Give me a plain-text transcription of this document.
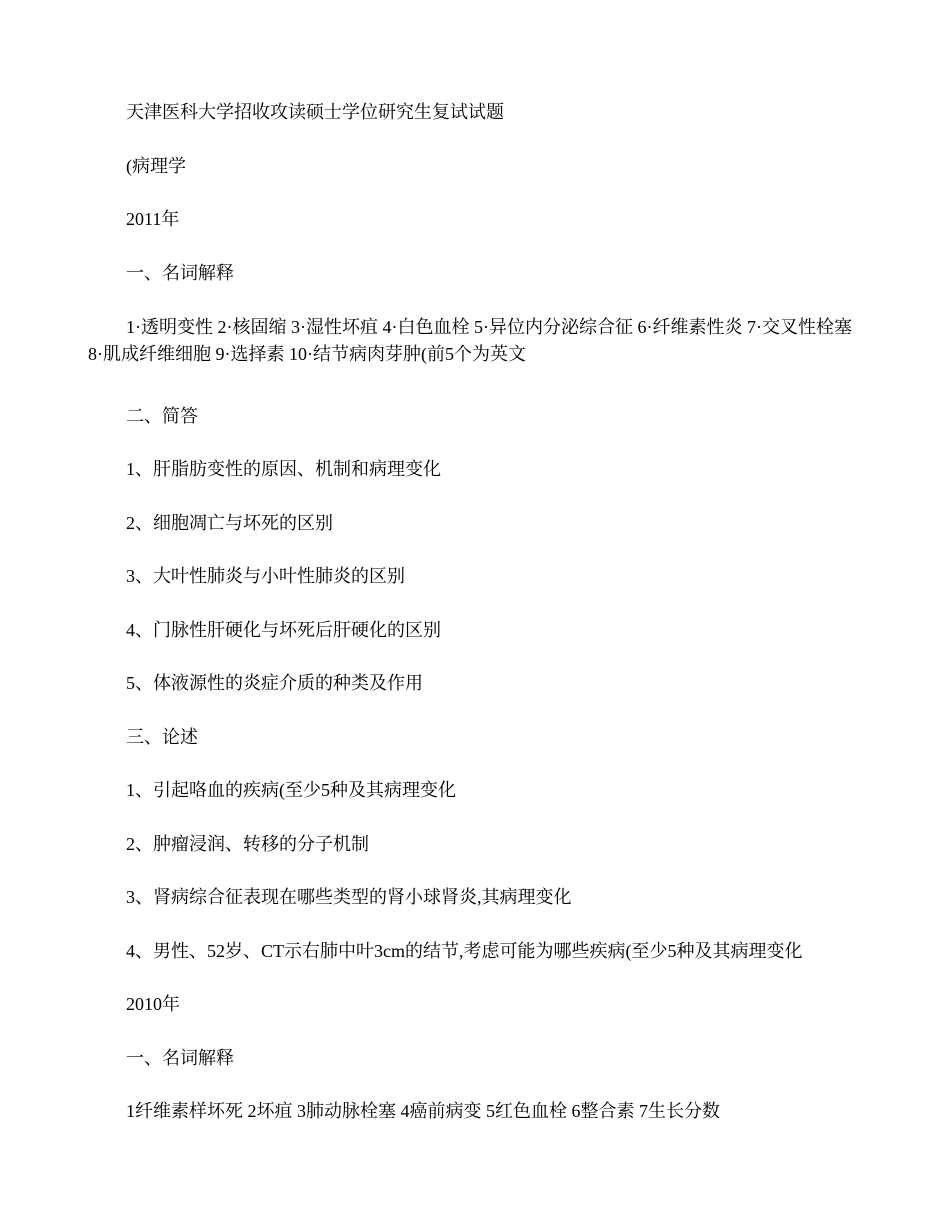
天津医科大学招收攻读硕士学位研究生复试试题
(病理学
2011年
一、名词解释
1·透明变性 2·核固缩 3·湿性坏疽 4·白色血栓 5·异位内分泌综合征 6·纤维素性炎 7·交叉性栓塞 8·肌成纤维细胞 9·选择素 10·结节病肉芽肿(前5个为英文
二、简答
1、肝脂肪变性的原因、机制和病理变化
2、细胞凋亡与坏死的区别
3、大叶性肺炎与小叶性肺炎的区别
4、门脉性肝硬化与坏死后肝硬化的区别
5、体液源性的炎症介质的种类及作用
三、论述
1、引起咯血的疾病(至少5种及其病理变化
2、肿瘤浸润、转移的分子机制
3、肾病综合征表现在哪些类型的肾小球肾炎,其病理变化
4、男性、52岁、CT示右肺中叶3cm的结节,考虑可能为哪些疾病(至少5种及其病理变化
2010年
一、名词解释
1纤维素样坏死 2坏疽 3肺动脉栓塞 4癌前病变 5红色血栓 6整合素 7生长分数
